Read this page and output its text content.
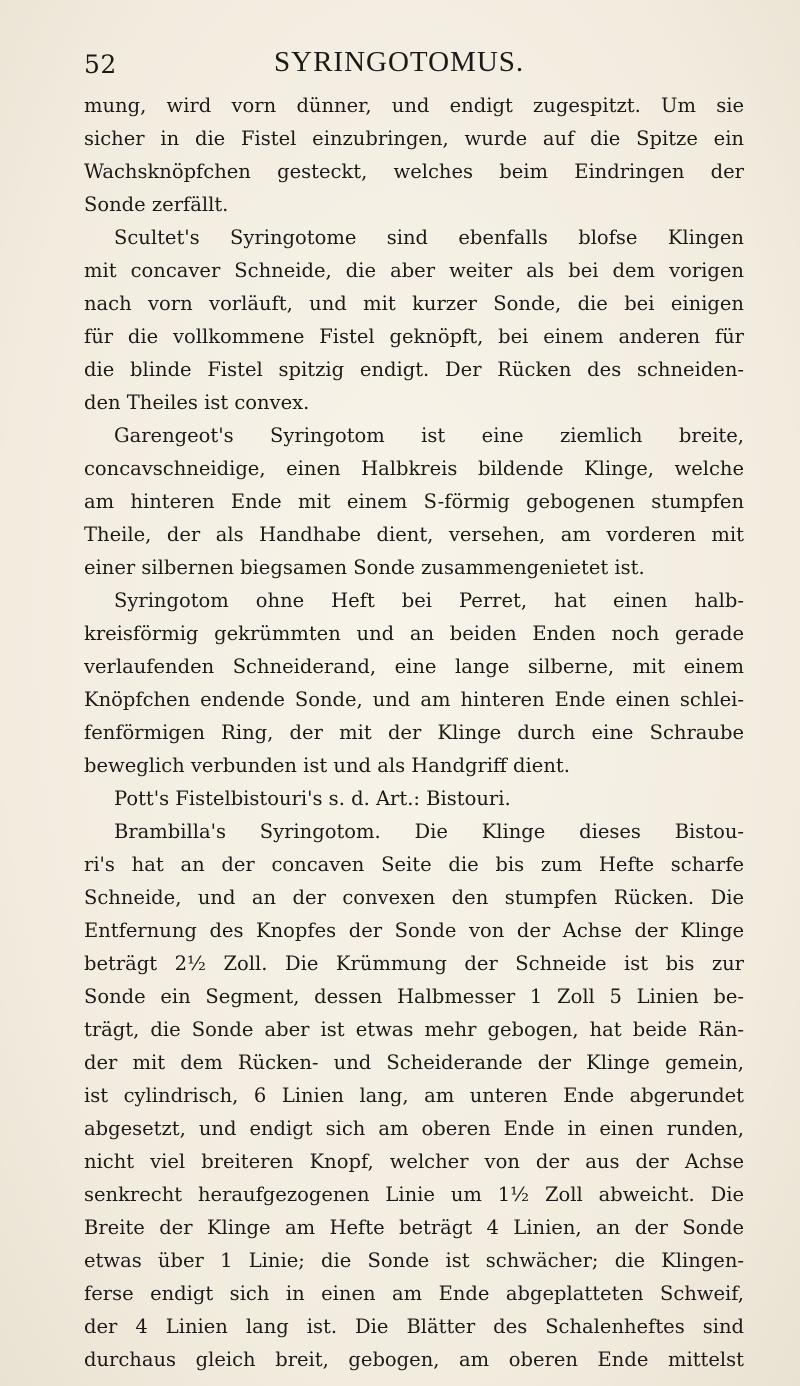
52	SYRINGOTOMUS.
mung, wird vorn dünner, und endigt zugespitzt. Um sie
sicher in die Fistel einzubringen, wurde auf die Spitze ein
Wachsknöpfchen gesteckt, welches beim Eindringen der
Sonde zerfällt.
Scultet's Syringotome sind ebenfalls blofse Klingen
mit concaver Schneide, die aber weiter als bei dem vorigen
nach vorn vorläuft, und mit kurzer Sonde, die bei einigen
für die vollkommene Fistel geknöpft, bei einem anderen für
die blinde Fistel spitzig endigt. Der Rücken des schneiden-
den Theiles ist convex.
Garengeot's Syringotom ist eine ziemlich breite,
concavschneidige, einen Halbkreis bildende Klinge, welche
am hinteren Ende mit einem S-förmig gebogenen stumpfen
Theile, der als Handhabe dient, versehen, am vorderen mit
einer silbernen biegsamen Sonde zusammengenietet ist.
Syringotom ohne Heft bei Perret, hat einen halb-
kreisförmig gekrümmten und an beiden Enden noch gerade
verlaufenden Schneiderand, eine lange silberne, mit einem
Knöpfchen endende Sonde, und am hinteren Ende einen schlei-
fenförmigen Ring, der mit der Klinge durch eine Schraube
beweglich verbunden ist und als Handgriff dient.
Pott's Fistelbistouri's s. d. Art.: Bistouri.
Brambilla's Syringotom. Die Klinge dieses Bistou-
ri's hat an der concaven Seite die bis zum Hefte scharfe
Schneide, und an der convexen den stumpfen Rücken. Die
Entfernung des Knopfes der Sonde von der Achse der Klinge
beträgt 2½ Zoll. Die Krümmung der Schneide ist bis zur
Sonde ein Segment, dessen Halbmesser 1 Zoll 5 Linien be-
trägt, die Sonde aber ist etwas mehr gebogen, hat beide Rän-
der mit dem Rücken- und Scheiderande der Klinge gemein,
ist cylindrisch, 6 Linien lang, am unteren Ende abgerundet
abgesetzt, und endigt sich am oberen Ende in einen runden,
nicht viel breiteren Knopf, welcher von der aus der Achse
senkrecht heraufgezogenen Linie um 1½ Zoll abweicht. Die
Breite der Klinge am Hefte beträgt 4 Linien, an der Sonde
etwas über 1 Linie; die Sonde ist schwächer; die Klingen-
ferse endigt sich in einen am Ende abgeplatteten Schweif,
der 4 Linien lang ist. Die Blätter des Schalenheftes sind
durchaus gleich breit, gebogen, am oberen Ende mittelst
